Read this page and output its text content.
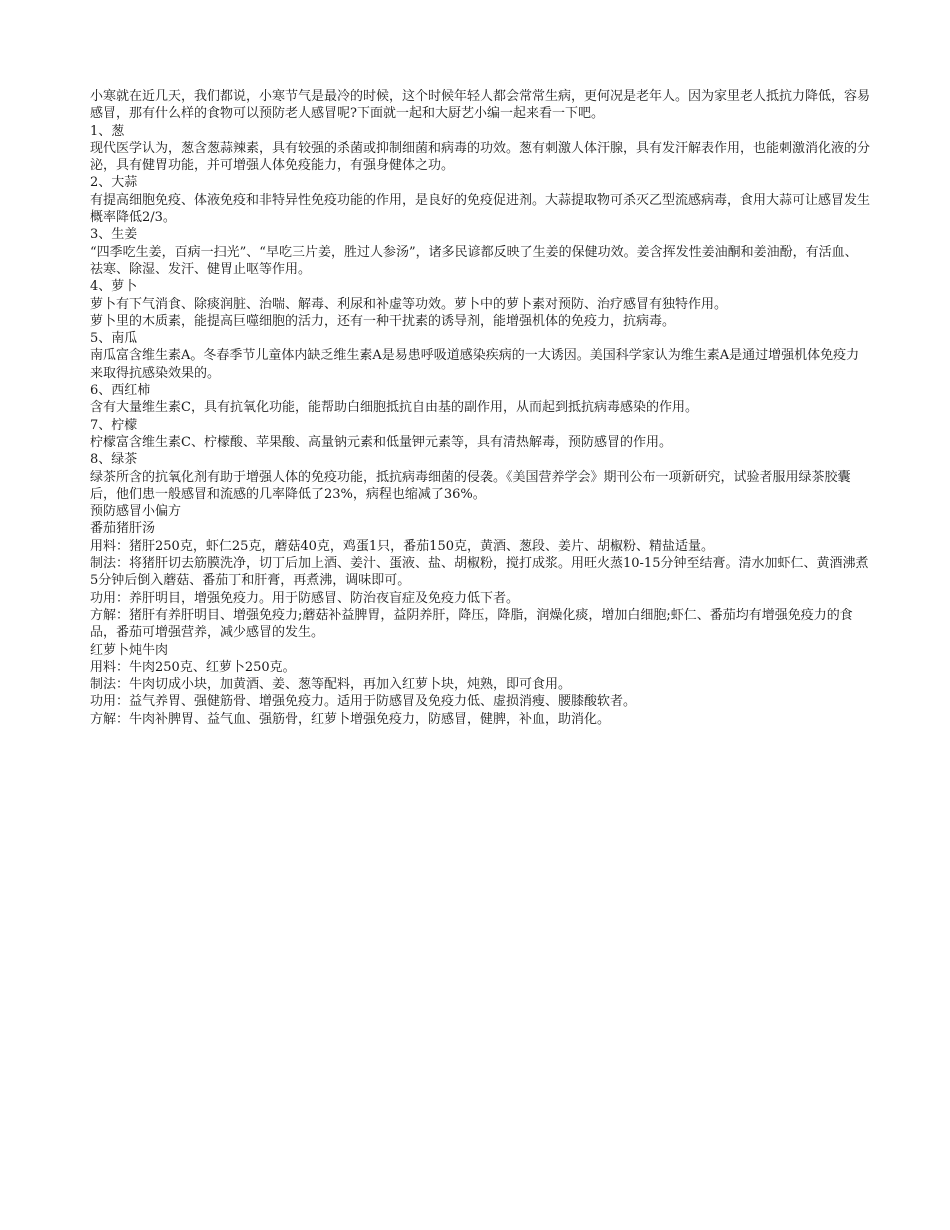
小寒就在近几天，我们都说，小寒节气是最冷的时候，这个时候年轻人都会常常生病，更何况是老年人。因为家里老人抵抗力降低，容易感冒，那有什么样的食物可以预防老人感冒呢?下面就一起和大厨艺小编一起来看一下吧。

1、葱

现代医学认为，葱含葱蒜辣素，具有较强的杀菌或抑制细菌和病毒的功效。葱有刺激人体汗腺，具有发汗解表作用，也能刺激消化液的分泌，具有健胃功能，并可增强人体免疫能力，有强身健体之功。

2、大蒜

有提高细胞免疫、体液免疫和非特异性免疫功能的作用，是良好的免疫促进剂。大蒜提取物可杀灭乙型流感病毒，食用大蒜可让感冒发生概率降低2/3。

3、生姜

“四季吃生姜，百病一扫光”、“早吃三片姜，胜过人参汤”，诸多民谚都反映了生姜的保健功效。姜含挥发性姜油酮和姜油酚，有活血、祛寒、除湿、发汗、健胃止呕等作用。

4、萝卜

萝卜有下气消食、除痰润脏、治喘、解毒、利尿和补虚等功效。萝卜中的萝卜素对预防、治疗感冒有独特作用。

萝卜里的木质素，能提高巨噬细胞的活力，还有一种干扰素的诱导剂，能增强机体的免疫力，抗病毒。

5、南瓜

南瓜富含维生素A。冬春季节儿童体内缺乏维生素A是易患呼吸道感染疾病的一大诱因。美国科学家认为维生素A是通过增强机体免疫力来取得抗感染效果的。

6、西红柿

含有大量维生素C，具有抗氧化功能，能帮助白细胞抵抗自由基的副作用，从而起到抵抗病毒感染的作用。

7、柠檬

柠檬富含维生素C、柠檬酸、苹果酸、高量钠元素和低量钾元素等，具有清热解毒，预防感冒的作用。

8、绿茶

绿茶所含的抗氧化剂有助于增强人体的免疫功能，抵抗病毒细菌的侵袭。《美国营养学会》期刊公布一项新研究，试验者服用绿茶胶囊后，他们患一般感冒和流感的几率降低了23%，病程也缩减了36%。

预防感冒小偏方

番茄猪肝汤

用料：猪肝250克，虾仁25克，蘑菇40克，鸡蛋1只，番茄150克，黄酒、葱段、姜片、胡椒粉、精盐适量。

制法：将猪肝切去筋膜洗净，切丁后加上酒、姜汁、蛋液、盐、胡椒粉，搅打成浆。用旺火蒸10-15分钟至结膏。清水加虾仁、黄酒沸煮5分钟后倒入蘑菇、番茄丁和肝膏，再煮沸，调味即可。

功用：养肝明目，增强免疫力。用于防感冒、防治夜盲症及免疫力低下者。

方解：猪肝有养肝明目、增强免疫力;蘑菇补益脾胃，益阴养肝，降压，降脂，润燥化痰，增加白细胞;虾仁、番茄均有增强免疫力的食品，番茄可增强营养，减少感冒的发生。

红萝卜炖牛肉

用料：牛肉250克、红萝卜250克。

制法：牛肉切成小块，加黄酒、姜、葱等配料，再加入红萝卜块，炖熟，即可食用。

功用：益气养胃、强健筋骨、增强免疫力。适用于防感冒及免疫力低、虚损消瘦、腰膝酸软者。

方解：牛肉补脾胃、益气血、强筋骨，红萝卜增强免疫力，防感冒，健脾，补血，助消化。
